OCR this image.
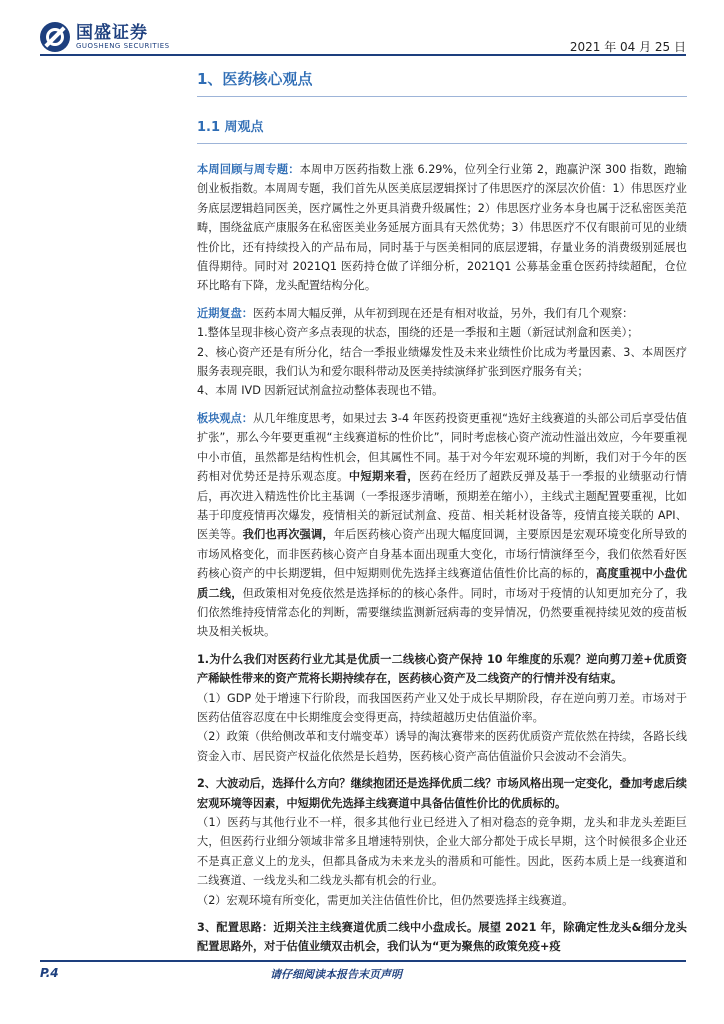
国盛证券
GUOSHENG SECURITIES	2021 年 04 月 25 日
1、医药核心观点
1.1 周观点

本周回顾与周专题：本周申万医药指数上涨 6.29%，位列全行业第 2，跑赢沪深 300 指数，跑输创业板指数。本周周专题，我们首先从医美底层逻辑探讨了伟思医疗的深层次价值：1）伟思医疗业务底层逻辑趋同医美，医疗属性之外更具消费升级属性；2）伟思医疗业务本身也属于泛私密医美范畴，围绕盆底产康服务在私密医美业务延展方面具有天然优势；3）伟思医疗不仅有眼前可见的业绩性价比，还有持续投入的产品布局，同时基于与医美相同的底层逻辑，存量业务的消费级别延展也值得期待。同时对 2021Q1 医药持仓做了详细分析，2021Q1 公募基金重仓医药持续超配，仓位环比略有下降，龙头配置结构分化。

近期复盘：医药本周大幅反弹，从年初到现在还是有相对收益，另外，我们有几个观察：

1.整体呈现非核心资产多点表现的状态，围绕的还是一季报和主题（新冠试剂盒和医美）；

2、核心资产还是有所分化，结合一季报业绩爆发性及未来业绩性价比成为考量因素、3、本周医疗服务表现亮眼，我们认为和爱尔眼科带动及医美持续演绎扩张到医疗服务有关；

4、本周 IVD 因新冠试剂盒拉动整体表现也不错。

板块观点：从几年维度思考，如果过去 3-4 年医药投资更重视“选好主线赛道的头部公司后享受估值扩张”，那么今年要更重视“主线赛道标的性价比”，同时考虑核心资产流动性溢出效应，今年要重视中小市值，虽然都是结构性机会，但其属性不同。基于对今年宏观环境的判断，我们对于今年的医药相对优势还是持乐观态度。中短期来看，医药在经历了超跌反弹及基于一季报的业绩驱动行情后，再次进入精选性价比主基调（一季报逐步清晰，预期差在缩小），主线式主题配置要重视，比如基于印度疫情再次爆发，疫情相关的新冠试剂盒、疫苗、相关耗材设备等，疫情直接关联的 API、医美等。我们也再次强调，年后医药核心资产出现大幅度回调，主要原因是宏观环境变化所导致的市场风格变化，而非医药核心资产自身基本面出现重大变化，市场行情演绎至今，我们依然看好医药核心资产的中长期逻辑，但中短期则优先选择主线赛道估值性价比高的标的，高度重视中小盘优质二线，但政策相对免疫依然是选择标的的核心条件。同时，市场对于疫情的认知更加充分了，我们依然维持疫情常态化的判断，需要继续监测新冠病毒的变异情况，仍然要重视持续见效的疫苗板块及相关板块。

1.为什么我们对医药行业尤其是优质一二线核心资产保持 10 年维度的乐观？逆向剪刀差+优质资产稀缺性带来的资产荒将长期持续存在，医药核心资产及二线资产的行情并没有结束。

（1）GDP 处于增速下行阶段，而我国医药产业又处于成长早期阶段，存在逆向剪刀差。市场对于医药估值容忍度在中长期维度会变得更高，持续超越历史估值溢价率。

（2）政策（供给侧改革和支付端变革）诱导的淘汰赛带来的医药优质资产荒依然在持续，各路长线资金入市、居民资产权益化依然是长趋势，医药核心资产高估值溢价只会波动不会消失。

2、大波动后，选择什么方向？继续抱团还是选择优质二线？市场风格出现一定变化，叠加考虑后续宏观环境等因素，中短期优先选择主线赛道中具备估值性价比的优质标的。

（1）医药与其他行业不一样，很多其他行业已经进入了相对稳态的竞争期，龙头和非龙头差距巨大，但医药行业细分领域非常多且增速特别快，企业大部分都处于成长早期，这个时候很多企业还不是真正意义上的龙头，但都具备成为未来龙头的潜质和可能性。因此，医药本质上是一线赛道和二线赛道、一线龙头和二线龙头都有机会的行业。

（2）宏观环境有所变化，需更加关注估值性价比，但仍然要选择主线赛道。

3、配置思路：近期关注主线赛道优质二线中小盘成长。展望 2021 年，除确定性龙头&细分龙头配置思路外，对于估值业绩双击机会，我们认为“更为聚焦的政策免疫+疫

P.4	请仔细阅读本报告末页声明
